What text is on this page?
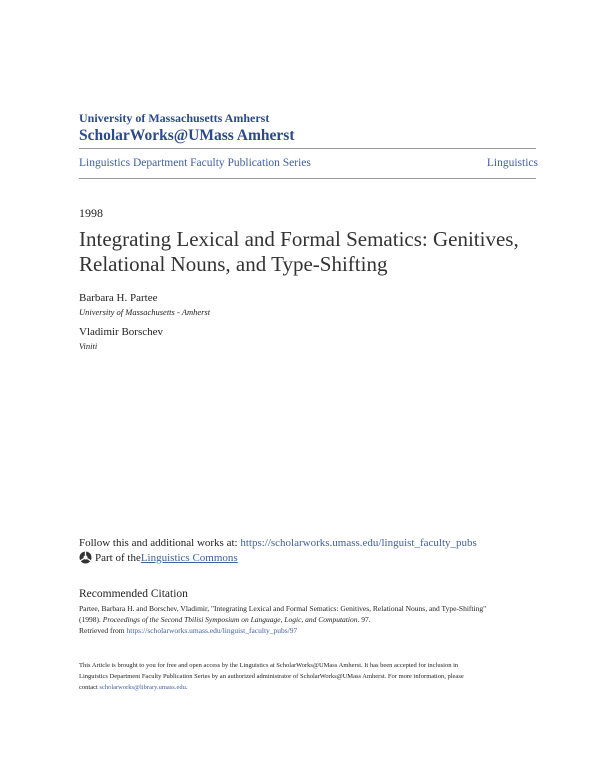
University of Massachusetts Amherst
ScholarWorks@UMass Amherst
Linguistics Department Faculty Publication Series	Linguistics
1998
Integrating Lexical and Formal Sematics: Genitives,
Relational Nouns, and Type-Shifting
Barbara H. Partee
University of Massachusetts - Amherst
Vladimir Borschev
Viniti
Follow this and additional works at: https://scholarworks.umass.edu/linguist_faculty_pubs
Part of the Linguistics Commons
Recommended Citation
Partee, Barbara H. and Borschev, Vladimir, "Integrating Lexical and Formal Sematics: Genitives, Relational Nouns, and Type-Shifting"
(1998). Proceedings of the Second Tbilisi Symposium on Language, Logic, and Computation. 97.
Retrieved from https://scholarworks.umass.edu/linguist_faculty_pubs/97
This Article is brought to you for free and open access by the Linguistics at ScholarWorks@UMass Amherst. It has been accepted for inclusion in
Linguistics Department Faculty Publication Series by an authorized administrator of ScholarWorks@UMass Amherst. For more information, please
contact scholarworks@library.umass.edu.
